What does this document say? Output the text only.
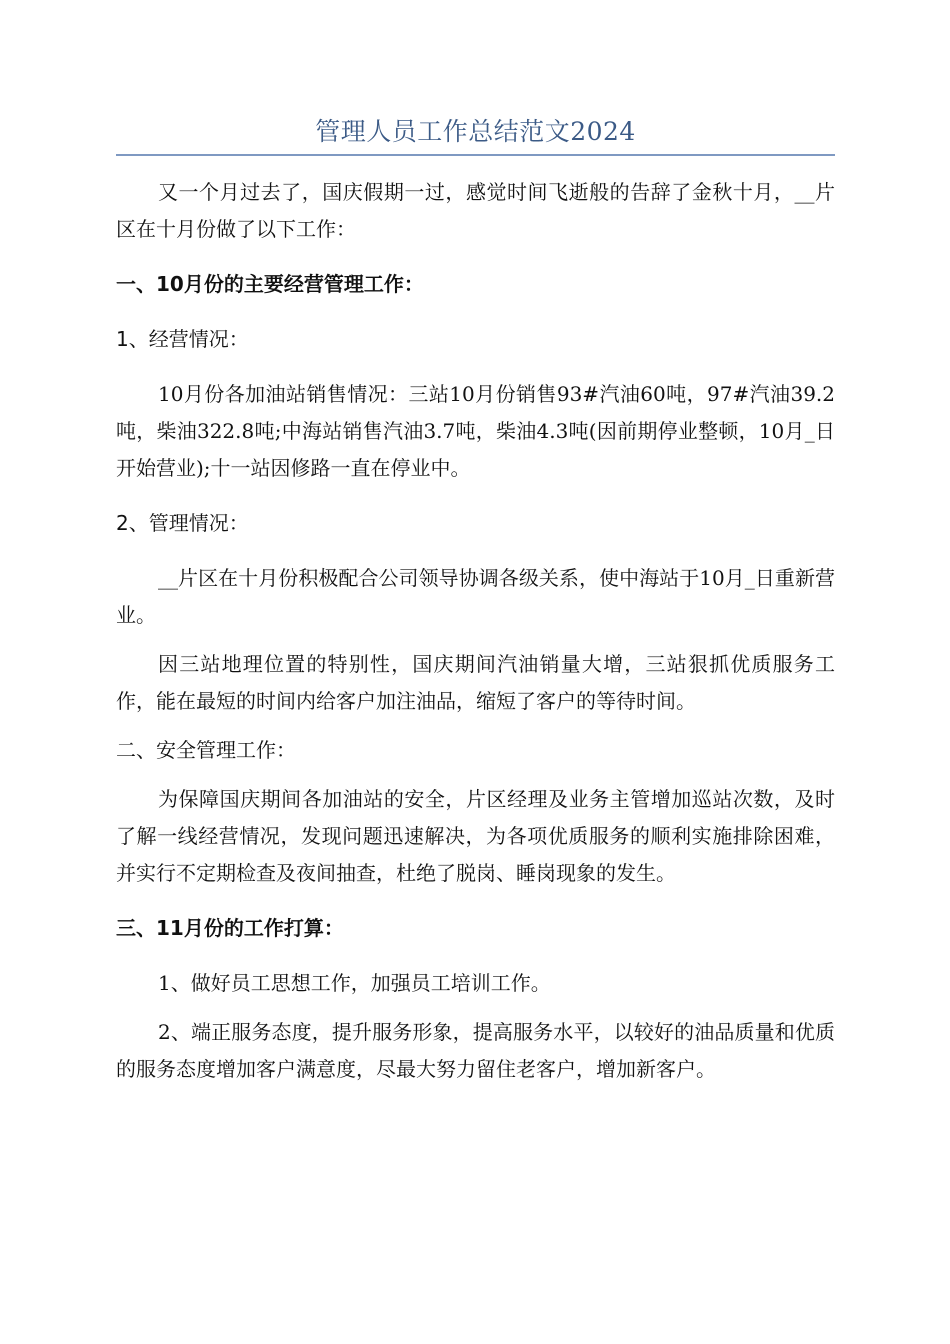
管理人员工作总结范文2024

又一个月过去了，国庆假期一过，感觉时间飞逝般的告辞了金秋十月，__片区在十月份做了以下工作：

一、10月份的主要经营管理工作：

1、经营情况：

10月份各加油站销售情况：三站10月份销售93#汽油60吨，97#汽油39.2吨，柴油322.8吨;中海站销售汽油3.7吨，柴油4.3吨(因前期停业整顿，10月_日开始营业);十一站因修路一直在停业中。

2、管理情况：

__片区在十月份积极配合公司领导协调各级关系，使中海站于10月_日重新营业。

因三站地理位置的特别性，国庆期间汽油销量大增，三站狠抓优质服务工作，能在最短的时间内给客户加注油品，缩短了客户的等待时间。

二、安全管理工作：

为保障国庆期间各加油站的安全，片区经理及业务主管增加巡站次数，及时了解一线经营情况，发现问题迅速解决，为各项优质服务的顺利实施排除困难，并实行不定期检查及夜间抽查，杜绝了脱岗、睡岗现象的发生。

三、11月份的工作打算：

1、做好员工思想工作，加强员工培训工作。

2、端正服务态度，提升服务形象，提高服务水平，以较好的油品质量和优质的服务态度增加客户满意度，尽最大努力留住老客户，增加新客户。
